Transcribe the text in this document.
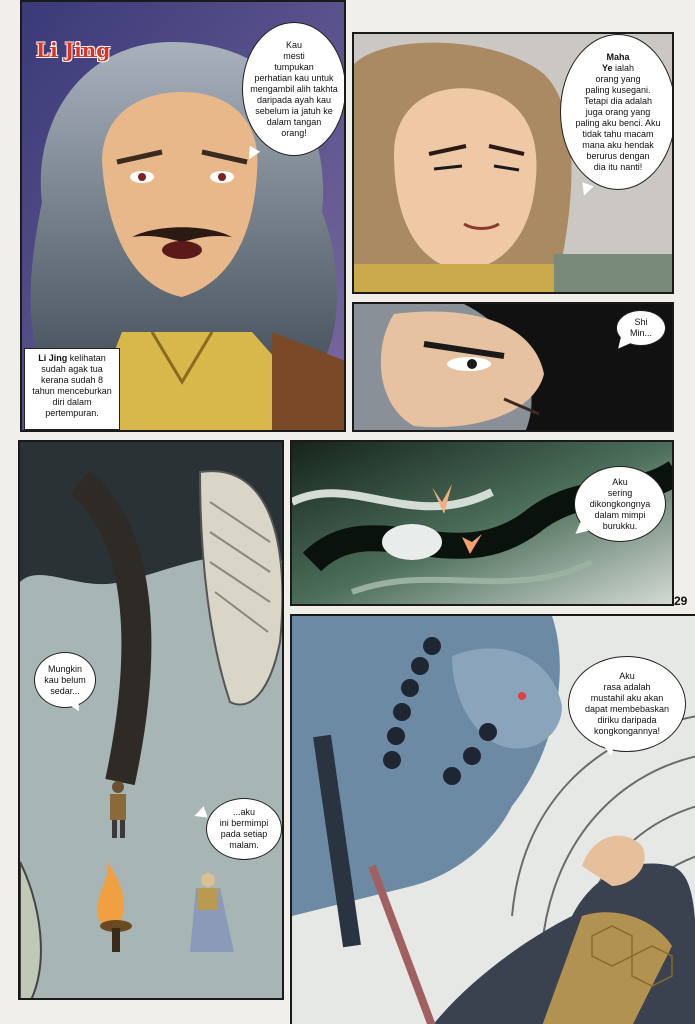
Li Jing	Kau
mesti
tumpukan
perhatian kau untuk
mengambil alih takhta
daripada ayah kau
sebelum ia jatuh ke
dalam tangan
orang!
Li Jing kelihatan
sudah agak tua
kerana sudah 8
tahun menceburkan
diri dalam
pertempuran.
Maha
Ye ialah
orang yang
paling kusegani.
Tetapi dia adalah
juga orang yang
paling aku benci. Aku
tidak tahu macam
mana aku hendak
berurus dengan
dia itu nanti!
Shi
Min...
Aku
sering
dikongkongnya
dalam mimpi
burukku.
29
Mungkin
kau belum
sedar...
...aku
ini bermimpi
pada setiap
malam.
Aku
rasa adalah
mustahil aku akan
dapat membebaskan
diriku daripada
kongkongannya!
